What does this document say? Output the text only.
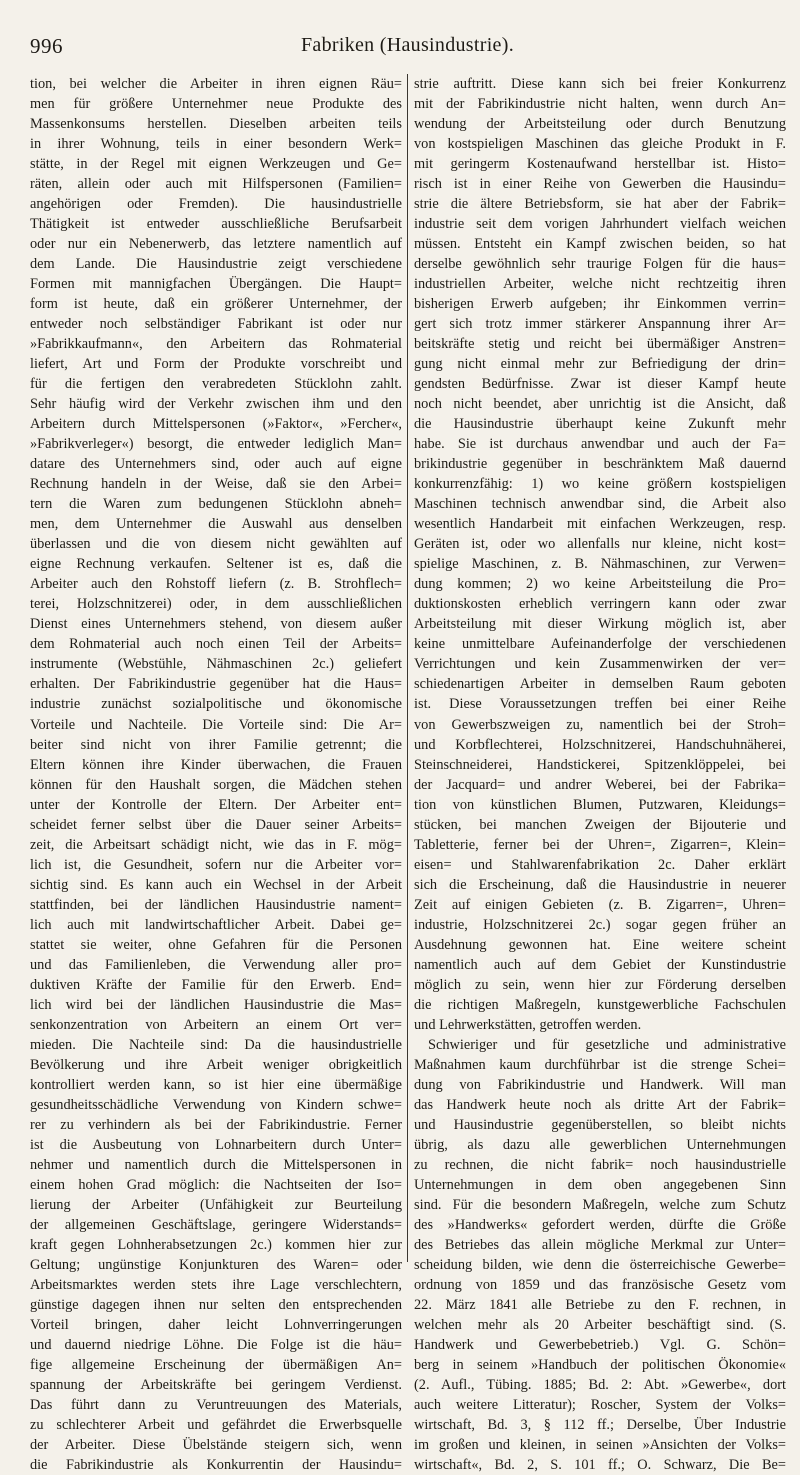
996	Fabriken (Hausindustrie).
tion, bei welcher die Arbeiter in ihren eignen Räu=
men für größere Unternehmer neue Produkte des
Massenkonsums herstellen. Dieselben arbeiten teils
in ihrer Wohnung, teils in einer besondern Werk=
stätte, in der Regel mit eignen Werkzeugen und Ge=
räten, allein oder auch mit Hilfspersonen (Familien=
angehörigen oder Fremden). Die hausindustrielle
Thätigkeit ist entweder ausschließliche Berufsarbeit
oder nur ein Nebenerwerb, das letztere namentlich auf
dem Lande. Die Hausindustrie zeigt verschiedene
Formen mit mannigfachen Übergängen. Die Haupt=
form ist heute, daß ein größerer Unternehmer, der
entweder noch selbständiger Fabrikant ist oder nur
»Fabrikkaufmann«, den Arbeitern das Rohmaterial
liefert, Art und Form der Produkte vorschreibt und
für die fertigen den verabredeten Stücklohn zahlt.
Sehr häufig wird der Verkehr zwischen ihm und den
Arbeitern durch Mittelspersonen (»Faktor«, »Fercher«,
»Fabrikverleger«) besorgt, die entweder lediglich Man=
datare des Unternehmers sind, oder auch auf eigne
Rechnung handeln in der Weise, daß sie den Arbei=
tern die Waren zum bedungenen Stücklohn abneh=
men, dem Unternehmer die Auswahl aus denselben
überlassen und die von diesem nicht gewählten auf
eigne Rechnung verkaufen. Seltener ist es, daß die
Arbeiter auch den Rohstoff liefern (z. B. Strohflech=
terei, Holzschnitzerei) oder, in dem ausschließlichen
Dienst eines Unternehmers stehend, von diesem außer
dem Rohmaterial auch noch einen Teil der Arbeits=
instrumente (Webstühle, Nähmaschinen 2c.) geliefert
erhalten. Der Fabrikindustrie gegenüber hat die Haus=
industrie zunächst sozialpolitische und ökonomische
Vorteile und Nachteile. Die Vorteile sind: Die Ar=
beiter sind nicht von ihrer Familie getrennt; die
Eltern können ihre Kinder überwachen, die Frauen
können für den Haushalt sorgen, die Mädchen stehen
unter der Kontrolle der Eltern. Der Arbeiter ent=
scheidet ferner selbst über die Dauer seiner Arbeits=
zeit, die Arbeitsart schädigt nicht, wie das in F. mög=
lich ist, die Gesundheit, sofern nur die Arbeiter vor=
sichtig sind. Es kann auch ein Wechsel in der Arbeit
stattfinden, bei der ländlichen Hausindustrie nament=
lich auch mit landwirtschaftlicher Arbeit. Dabei ge=
stattet sie weiter, ohne Gefahren für die Personen
und das Familienleben, die Verwendung aller pro=
duktiven Kräfte der Familie für den Erwerb. End=
lich wird bei der ländlichen Hausindustrie die Mas=
senkonzentration von Arbeitern an einem Ort ver=
mieden. Die Nachteile sind: Da die hausindustrielle
Bevölkerung und ihre Arbeit weniger obrigkeitlich
kontrolliert werden kann, so ist hier eine übermäßige
gesundheitsschädliche Verwendung von Kindern schwe=
rer zu verhindern als bei der Fabrikindustrie. Ferner
ist die Ausbeutung von Lohnarbeitern durch Unter=
nehmer und namentlich durch die Mittelspersonen in
einem hohen Grad möglich: die Nachtseiten der Iso=
lierung der Arbeiter (Unfähigkeit zur Beurteilung
der allgemeinen Geschäftslage, geringere Widerstands=
kraft gegen Lohnherabsetzungen 2c.) kommen hier zur
Geltung; ungünstige Konjunkturen des Waren= oder
Arbeitsmarktes werden stets ihre Lage verschlechtern,
günstige dagegen ihnen nur selten den entsprechenden
Vorteil bringen, daher leicht Lohnverringerungen
und dauernd niedrige Löhne. Die Folge ist die häu=
fige allgemeine Erscheinung der übermäßigen An=
spannung der Arbeitskräfte bei geringem Verdienst.
Das führt dann zu Veruntreuungen des Materials,
zu schlechterer Arbeit und gefährdet die Erwerbsquelle
der Arbeiter. Diese Übelstände steigern sich, wenn
die Fabrikindustrie als Konkurrentin der Hausindu=
strie auftritt. Diese kann sich bei freier Konkurrenz
mit der Fabrikindustrie nicht halten, wenn durch An=
wendung der Arbeitsteilung oder durch Benutzung
von kostspieligen Maschinen das gleiche Produkt in F.
mit geringerm Kostenaufwand herstellbar ist. Histo=
risch ist in einer Reihe von Gewerben die Hausindu=
strie die ältere Betriebsform, sie hat aber der Fabrik=
industrie seit dem vorigen Jahrhundert vielfach weichen
müssen. Entsteht ein Kampf zwischen beiden, so hat
derselbe gewöhnlich sehr traurige Folgen für die haus=
industriellen Arbeiter, welche nicht rechtzeitig ihren
bisherigen Erwerb aufgeben; ihr Einkommen verrin=
gert sich trotz immer stärkerer Anspannung ihrer Ar=
beitskräfte stetig und reicht bei übermäßiger Anstren=
gung nicht einmal mehr zur Befriedigung der drin=
gendsten Bedürfnisse. Zwar ist dieser Kampf heute
noch nicht beendet, aber unrichtig ist die Ansicht, daß
die Hausindustrie überhaupt keine Zukunft mehr
habe. Sie ist durchaus anwendbar und auch der Fa=
brikindustrie gegenüber in beschränktem Maß dauernd
konkurrenzfähig: 1) wo keine größern kostspieligen
Maschinen technisch anwendbar sind, die Arbeit also
wesentlich Handarbeit mit einfachen Werkzeugen, resp.
Geräten ist, oder wo allenfalls nur kleine, nicht kost=
spielige Maschinen, z. B. Nähmaschinen, zur Verwen=
dung kommen; 2) wo keine Arbeitsteilung die Pro=
duktionskosten erheblich verringern kann oder zwar
Arbeitsteilung mit dieser Wirkung möglich ist, aber
keine unmittelbare Aufeinanderfolge der verschiedenen
Verrichtungen und kein Zusammenwirken der ver=
schiedenartigen Arbeiter in demselben Raum geboten
ist. Diese Voraussetzungen treffen bei einer Reihe
von Gewerbszweigen zu, namentlich bei der Stroh=
und Korbflechterei, Holzschnitzerei, Handschuhnäherei,
Steinschneiderei, Handstickerei, Spitzenklöppelei, bei
der Jacquard= und andrer Weberei, bei der Fabrika=
tion von künstlichen Blumen, Putzwaren, Kleidungs=
stücken, bei manchen Zweigen der Bijouterie und
Tabletterie, ferner bei der Uhren=, Zigarren=, Klein=
eisen= und Stahlwarenfabrikation 2c. Daher erklärt
sich die Erscheinung, daß die Hausindustrie in neuerer
Zeit auf einigen Gebieten (z. B. Zigarren=, Uhren=
industrie, Holzschnitzerei 2c.) sogar gegen früher an
Ausdehnung gewonnen hat. Eine weitere scheint
namentlich auch auf dem Gebiet der Kunstindustrie
möglich zu sein, wenn hier zur Förderung derselben
die richtigen Maßregeln, kunstgewerbliche Fachschulen
und Lehrwerkstätten, getroffen werden.
Schwieriger und für gesetzliche und administrative
Maßnahmen kaum durchführbar ist die strenge Schei=
dung von Fabrikindustrie und Handwerk. Will man
das Handwerk heute noch als dritte Art der Fabrik=
und Hausindustrie gegenüberstellen, so bleibt nichts
übrig, als dazu alle gewerblichen Unternehmungen
zu rechnen, die nicht fabrik= noch hausindustrielle
Unternehmungen in dem oben angegebenen Sinn
sind. Für die besondern Maßregeln, welche zum Schutz
des »Handwerks« gefordert werden, dürfte die Größe
des Betriebes das allein mögliche Merkmal zur Unter=
scheidung bilden, wie denn die österreichische Gewerbe=
ordnung von 1859 und das französische Gesetz vom
22. März 1841 alle Betriebe zu den F. rechnen, in
welchen mehr als 20 Arbeiter beschäftigt sind. (S.
Handwerk und Gewerbebetrieb.) Vgl. G. Schön=
berg in seinem »Handbuch der politischen Ökonomie«
(2. Aufl., Tübing. 1885; Bd. 2: Abt. »Gewerbe«, dort
auch weitere Litteratur); Roscher, System der Volks=
wirtschaft, Bd. 3, § 112 ff.; Derselbe, Über Industrie
im großen und kleinen, in seinen »Ansichten der Volks=
wirtschaft«, Bd. 2, S. 101 ff.; O. Schwarz, Die Be=
